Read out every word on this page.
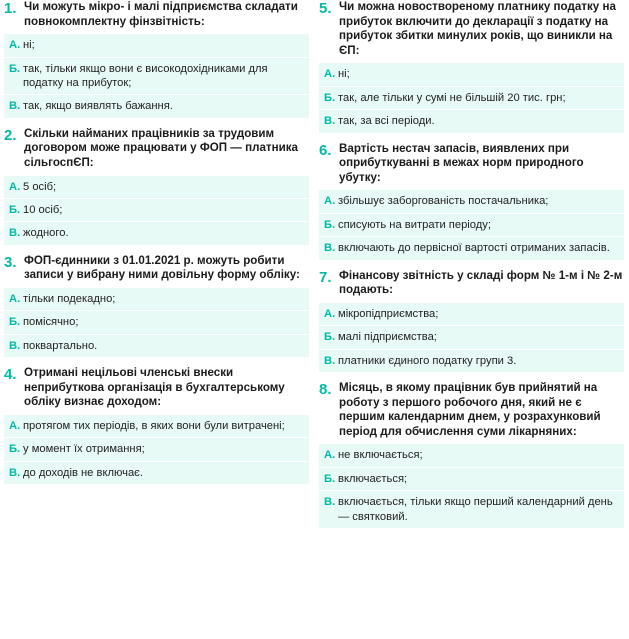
1. Чи можуть мікро- і малі підприємства складати повнокомплектну фінзвітність:
А. ні;
Б. так, тільки якщо вони є високодохідниками для податку на прибуток;
В. так, якщо виявлять бажання.
2. Скільки найманих працівників за трудовим договором може працювати у ФОП — платника сільгоспЄП:
А. 5 осіб;
Б. 10 осіб;
В. жодного.
3. ФОП-єдинники з 01.01.2021 р. можуть робити записи у вибрану ними довільну форму обліку:
А. тільки подекадно;
Б. помісячно;
В. поквартально.
4. Отримані нецільові членські внески неприбуткова організація в бухгалтерському обліку визнає доходом:
А. протягом тих періодів, в яких вони були витрачені;
Б. у момент їх отримання;
В. до доходів не включає.
5. Чи можна новоствореному платнику податку на прибуток включити до декларації з податку на прибуток збитки минулих років, що виникли на ЄП:
А. ні;
Б. так, але тільки у сумі не більшій 20 тис. грн;
В. так, за всі періоди.
6. Вартість нестач запасів, виявлених при оприбуткуванні в межах норм природного убутку:
А. збільшує заборгованість постачальника;
Б. списують на витрати періоду;
В. включають до первісної вартості отриманих запасів.
7. Фінансову звітність у складі форм № 1-м і № 2-м подають:
А. мікропідприємства;
Б. малі підприємства;
В. платники єдиного податку групи 3.
8. Місяць, в якому працівник був прийнятий на роботу з першого робочого дня, який не є першим календарним днем, у розрахунковий період для обчислення суми лікарняних:
А. не включається;
Б. включається;
В. включається, тільки якщо перший календарний день — святковий.
